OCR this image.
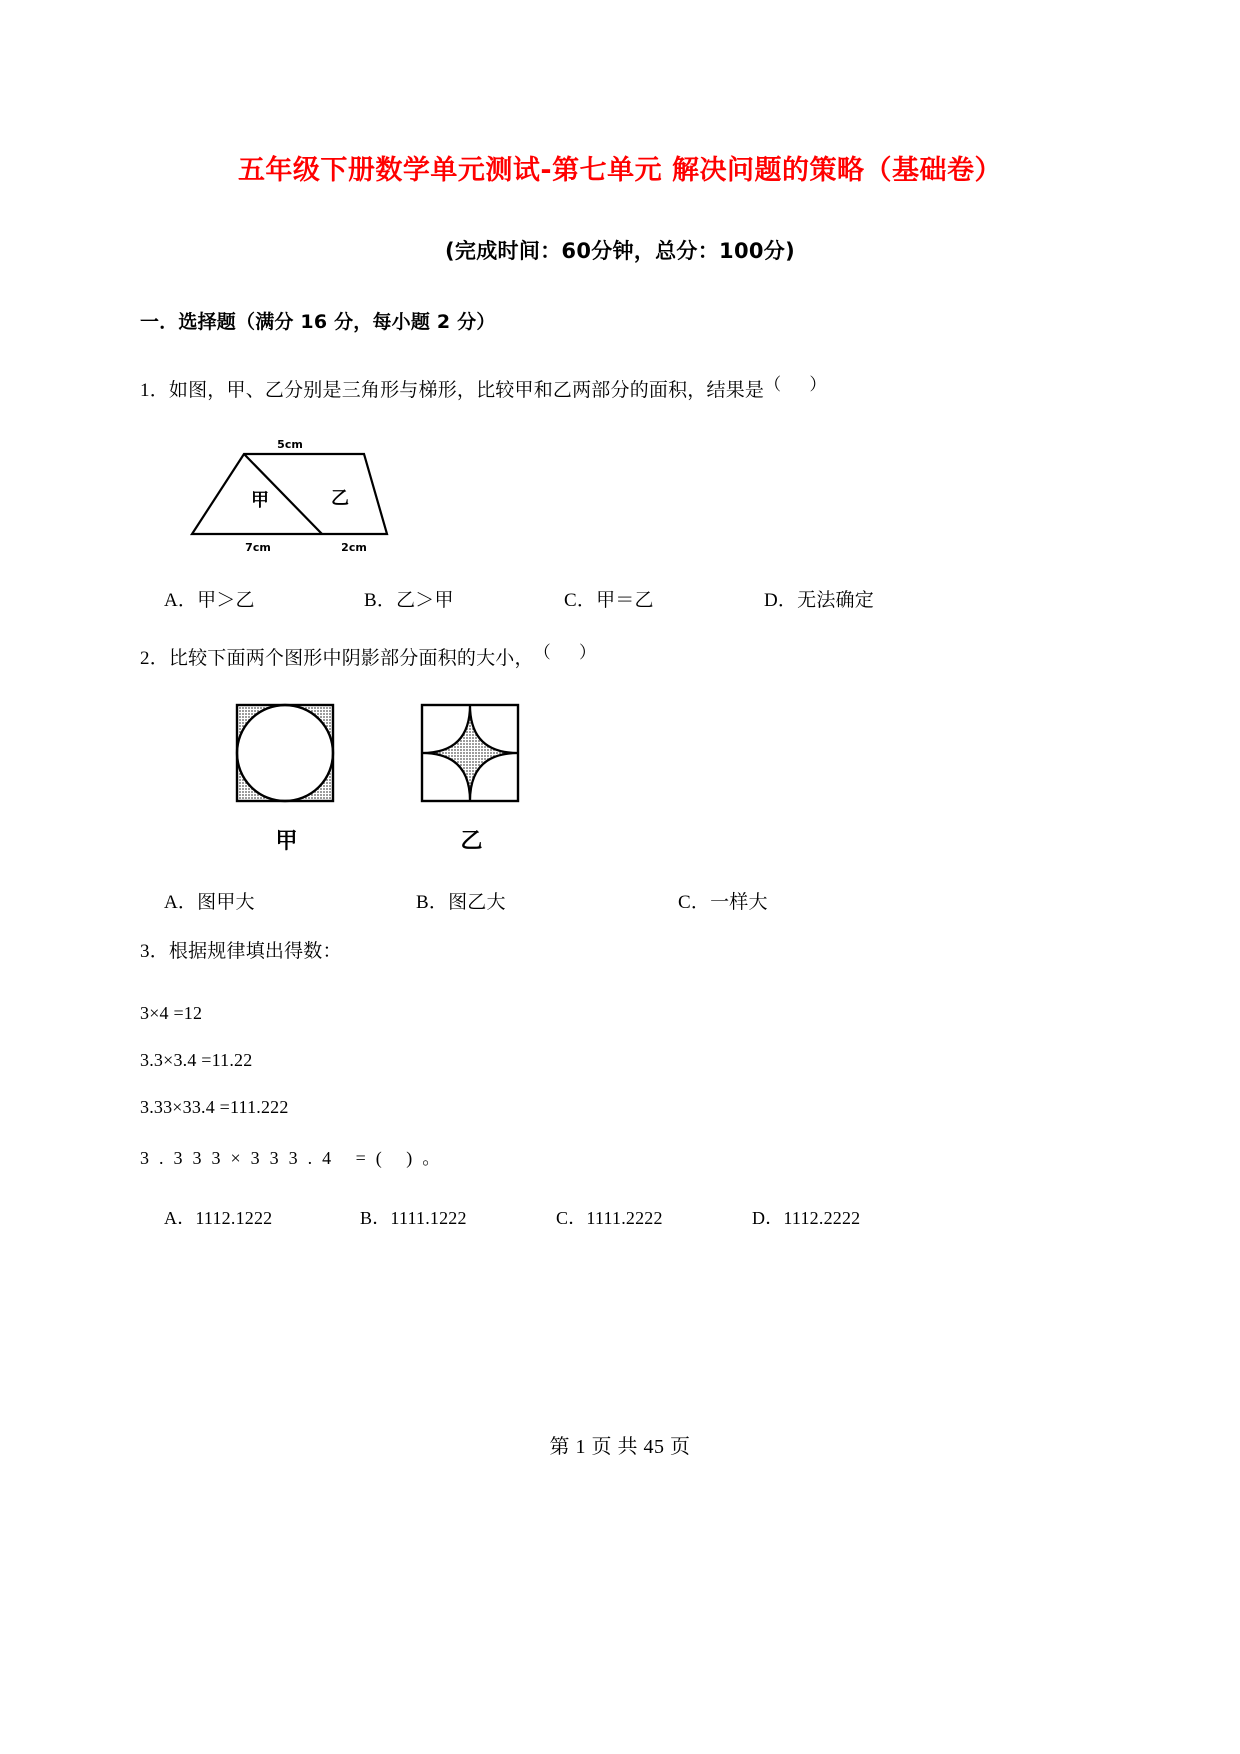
五年级下册数学单元测试-第七单元 解决问题的策略（基础卷）
(完成时间：60分钟，总分：100分)
一．选择题（满分 16 分，每小题 2 分）
1．如图，甲、乙分别是三角形与梯形，比较甲和乙两部分的面积，结果是（ ）
5cm
7cm	2cm
甲	乙
A．甲＞乙	B．乙＞甲	C．甲＝乙	D．无法确定
2．比较下面两个图形中阴影部分面积的大小，（ ）
甲	乙
A．图甲大	B．图乙大	C．一样大
3．根据规律填出得数：
3×4 =12
3.3×3.4 =11.22
3.33×33.4 =111.222
3.333×333.4 =( )。
A．1112.1222	B．1111.1222	C．1111.2222	D．1112.2222
第 1 页 共 45 页
